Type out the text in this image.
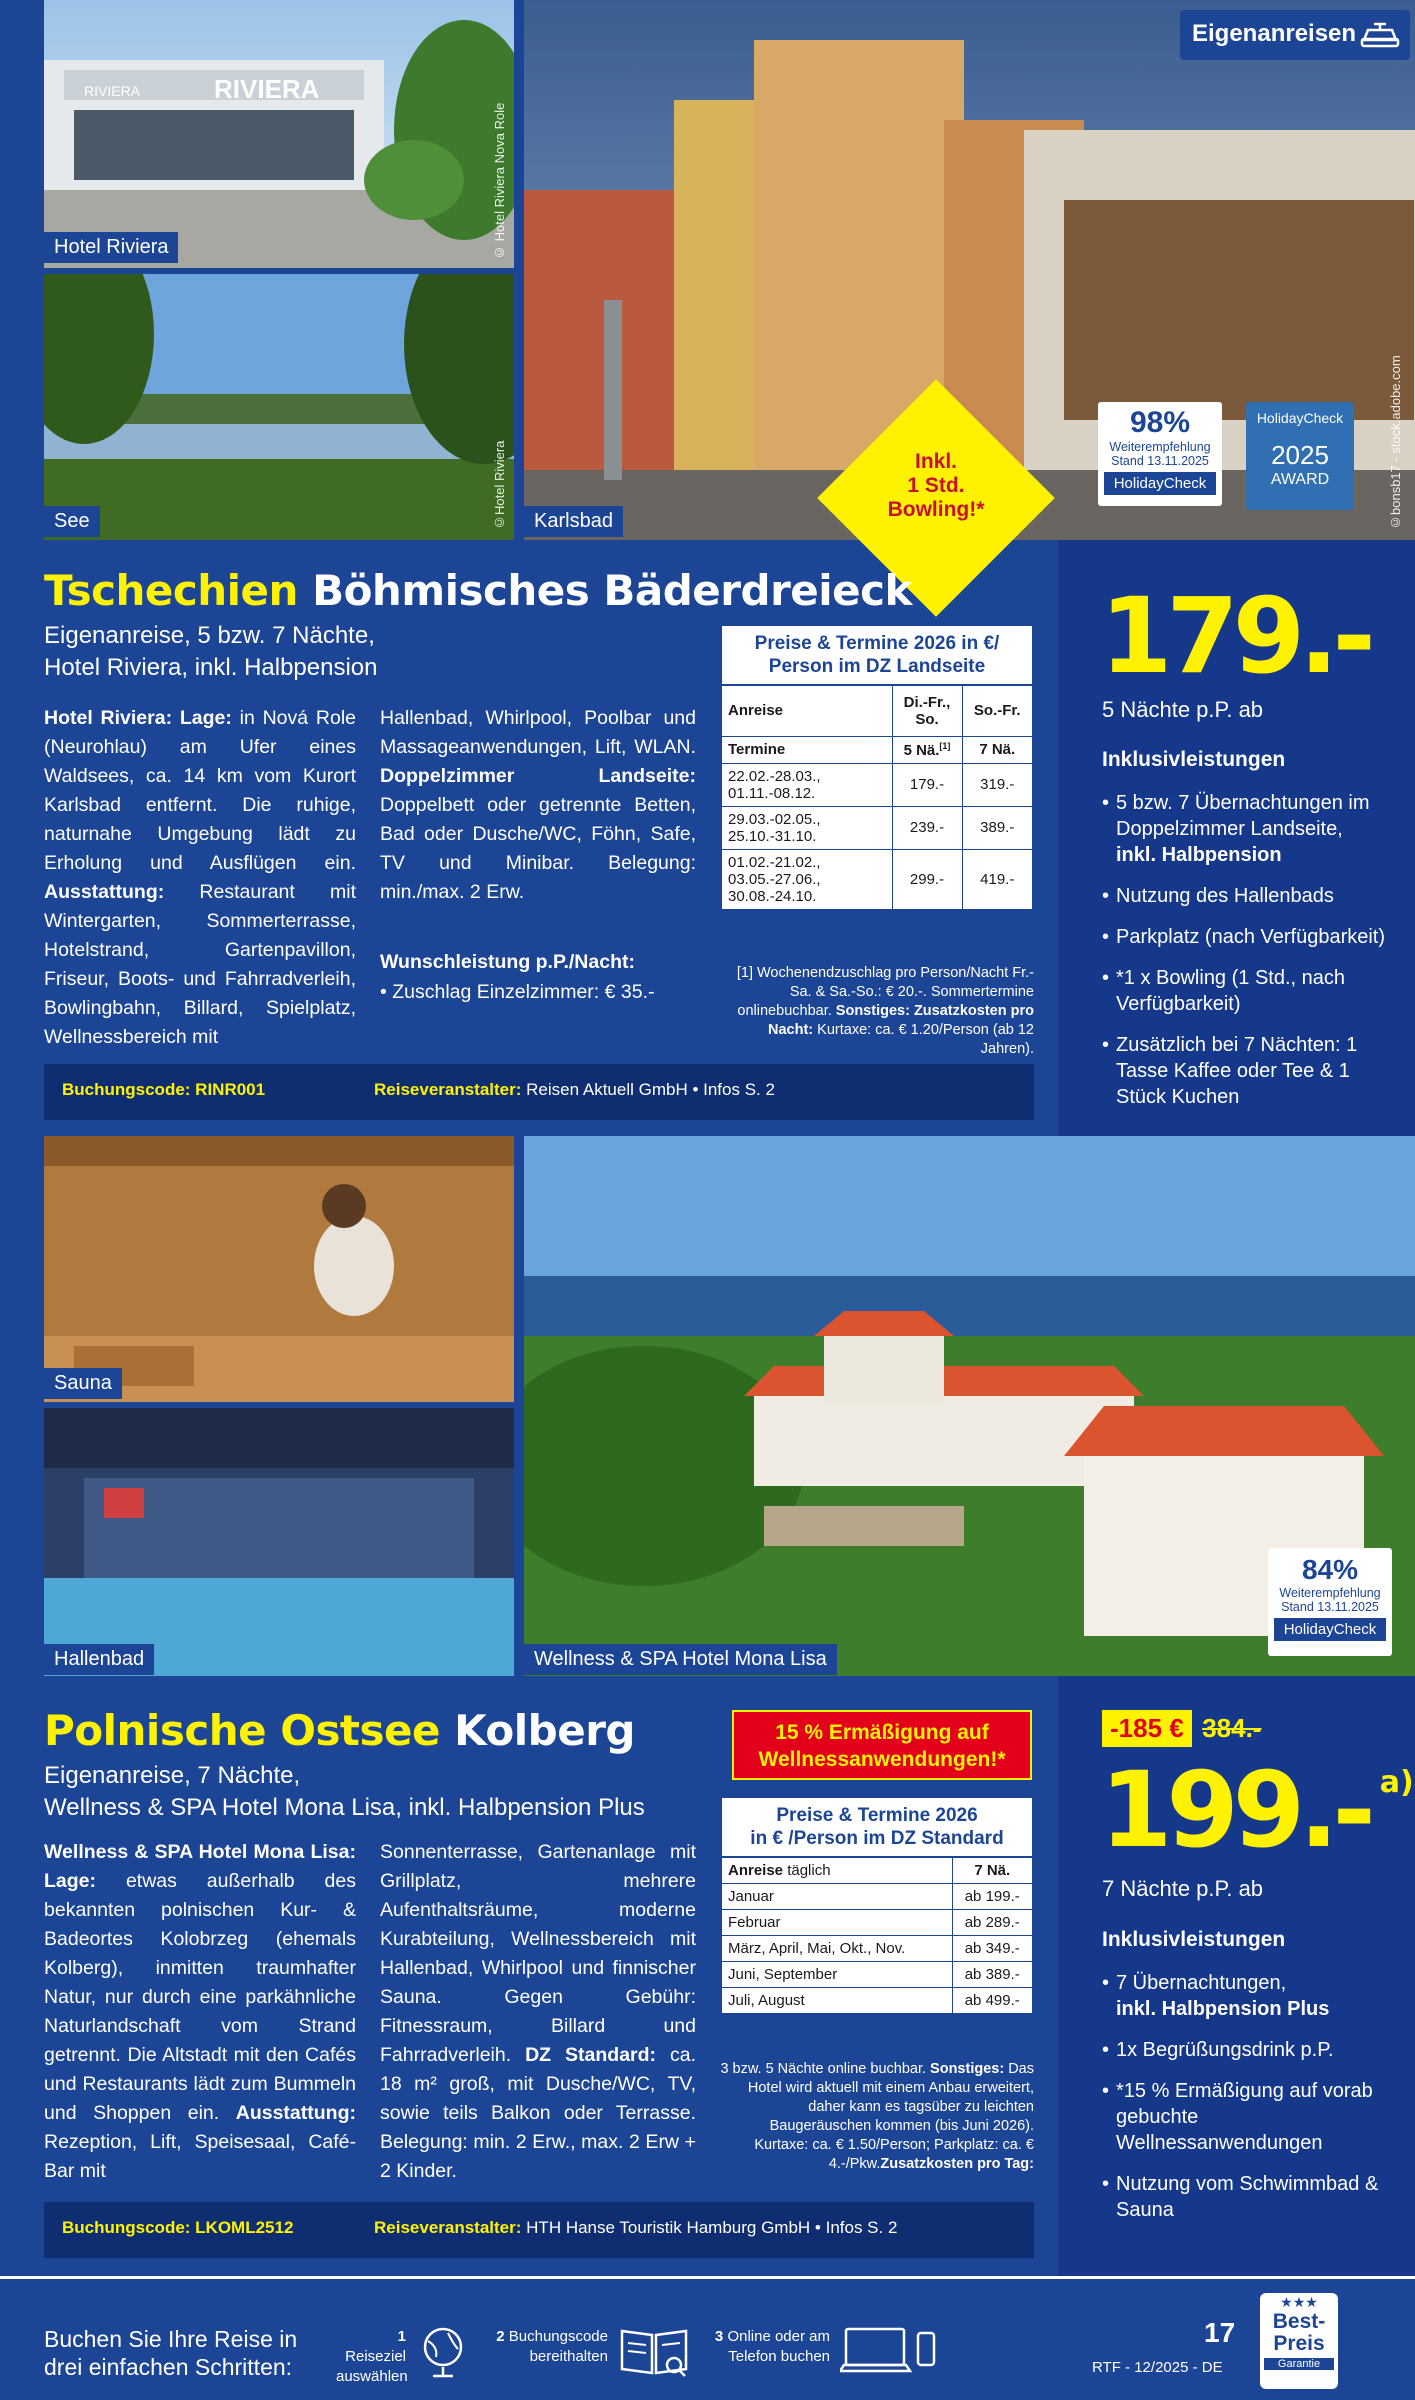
RIVIERA
RIVIERA
Hotel Riviera	© Hotel Riviera Nova Role
See	©Hotel Riviera	Karlsbad	©bonsb17 - stock.adobe.com
Eigenanreisen
98%
Weiterempfehlung
Stand 13.11.2025
HolidayCheck
HolidayCheck
2025
AWARD
Inkl.
1 Std.
Bowling!*
Tschechien Böhmisches Bäderdreieck
Eigenanreise, 5 bzw. 7 Nächte,
Hotel Riviera, inkl. Halbpension
Hotel Riviera: Lage: in Nová Role (Neurohlau) am Ufer eines Waldsees, ca. 14 km vom Kurort Karlsbad entfernt. Die ruhige, naturnahe Umgebung lädt zu Erholung und Ausflügen ein. Ausstattung: Restaurant mit Wintergarten, Sommerterrasse, Hotelstrand, Gartenpavillon, Friseur, Boots- und Fahrradverleih, Bowlingbahn, Billard, Spielplatz, Wellnessbereich mit
Hallenbad, Whirlpool, Poolbar und Massageanwendungen, Lift, WLAN. Doppelzimmer Landseite: Doppelbett oder getrennte Betten, Bad oder Dusche/WC, Föhn, Safe, TV und Minibar. Belegung: min./max. 2 Erw.
Wunschleistung p.P./Nacht:
• Zuschlag Einzelzimmer: € 35.-
Preise & Termine 2026 in €/
Person im DZ Landseite
Anreise	Di.-Fr., So.	So.-Fr.
Termine	5 Nä.[1]	7 Nä.

22.02.-28.03.,
01.11.-08.12.	179.-	319.-

29.03.-02.05.,
25.10.-31.10.	239.-	389.-

01.02.-21.02.,
03.05.-27.06.,
30.08.-24.10.	299.-	419.-
[1] Wochenendzuschlag pro Person/Nacht Fr.-Sa. & Sa.-So.: € 20.-. Sommertermine onlinebuchbar. Sonstiges: Zusatzkosten pro Nacht: Kurtaxe: ca. € 1.20/Person (ab 12 Jahren).
Buchungscode: RINR001	Reiseveranstalter: Reisen Aktuell GmbH • Infos S. 2
179.-
5 Nächte p.P. ab
Inklusivleistungen
• 5 bzw. 7 Übernachtungen im Doppelzimmer Landseite,
inkl. Halbpension
• Nutzung des Hallenbads
• Parkplatz (nach Verfügbarkeit)
• *1 x Bowling (1 Std., nach Verfügbarkeit)
• Zusätzlich bei 7 Nächten: 1 Tasse Kaffee oder Tee & 1 Stück Kuchen
Sauna
Hallenbad	Wellness & SPA Hotel Mona Lisa
84%
Weiterempfehlung
Stand 13.11.2025
HolidayCheck
Polnische Ostsee Kolberg	15 % Ermäßigung auf
Wellnessanwendungen!*
Eigenanreise, 7 Nächte,
Wellness & SPA Hotel Mona Lisa, inkl. Halbpension Plus
Wellness & SPA Hotel Mona Lisa: Lage: etwas außerhalb des bekannten polnischen Kur- & Badeortes Kolobrzeg (ehemals Kolberg), inmitten traumhafter Natur, nur durch eine parkähnliche Naturlandschaft vom Strand getrennt. Die Altstadt mit den Cafés und Restaurants lädt zum Bummeln und Shoppen ein. Ausstattung: Rezeption, Lift, Speisesaal, Café-Bar mit
Sonnenterrasse, Gartenanlage mit Grillplatz, mehrere Aufenthaltsräume, moderne Kurabteilung, Wellnessbereich mit Hallenbad, Whirlpool und finnischer Sauna. Gegen Gebühr: Fitnessraum, Billard und Fahrradverleih. DZ Standard: ca. 18 m² groß, mit Dusche/WC, TV, sowie teils Balkon oder Terrasse. Belegung: min. 2 Erw., max. 2 Erw + 2 Kinder.
Preise & Termine 2026
in € /Person im DZ Standard
Anreise täglich	7 Nä.
Januar	ab 199.-
Februar	ab 289.-
März, April, Mai, Okt., Nov.	ab 349.-
Juni, September	ab 389.-
Juli, August	ab 499.-
3 bzw. 5 Nächte online buchbar. Sonstiges: Das Hotel wird aktuell mit einem Anbau erweitert, daher kann es tagsüber zu leichten Baugeräuschen kommen (bis Juni 2026). Kurtaxe: ca. € 1.50/Person; Parkplatz: ca. € 4.-/Pkw.Zusatzkosten pro Tag:
Buchungscode: LKOML2512	Reiseveranstalter: HTH Hanse Touristik Hamburg GmbH • Infos S. 2
-185 € 384.-
199.- $^{a)}$
7 Nächte p.P. ab
Inklusivleistungen
• 7 Übernachtungen,
inkl. Halbpension Plus
• 1x Begrüßungsdrink p.P.
• *15 % Ermäßigung auf vorab gebuchte Wellnessanwendungen
• Nutzung vom Schwimmbad & Sauna
Buchen Sie Ihre Reise in
drei einfachen Schritten:
1 Reiseziel
auswählen
2 Buchungscode
bereithalten
3 Online oder am
Telefon buchen
17
RTF - 12/2025 - DE
★★★
Best-
Preis
Garantie
